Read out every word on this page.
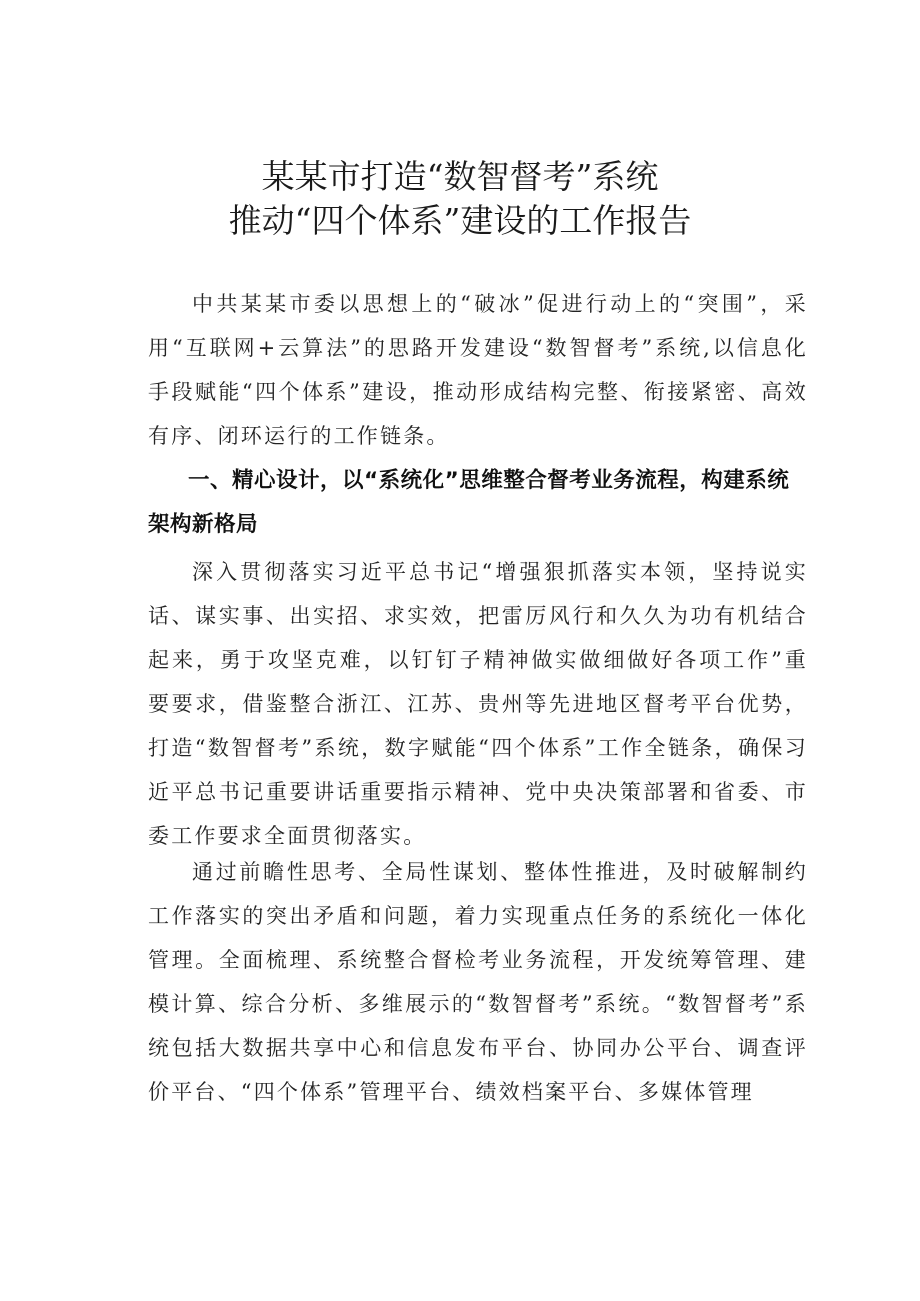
某某市打造“数智督考”系统
推动“四个体系”建设的工作报告
中共某某市委以思想上的“破冰”促进行动上的“突围”，采用“互联网+云算法”的思路开发建设“数智督考”系统,以信息化手段赋能“四个体系”建设，推动形成结构完整、衔接紧密、高效有序、闭环运行的工作链条。
一、精心设计，以“系统化”思维整合督考业务流程，构建系统架构新格局
深入贯彻落实习近平总书记“增强狠抓落实本领，坚持说实话、谋实事、出实招、求实效，把雷厉风行和久久为功有机结合起来，勇于攻坚克难，以钉钉子精神做实做细做好各项工作”重要要求，借鉴整合浙江、江苏、贵州等先进地区督考平台优势，打造“数智督考”系统，数字赋能“四个体系”工作全链条，确保习近平总书记重要讲话重要指示精神、党中央决策部署和省委、市委工作要求全面贯彻落实。
通过前瞻性思考、全局性谋划、整体性推进，及时破解制约工作落实的突出矛盾和问题，着力实现重点任务的系统化一体化管理。全面梳理、系统整合督检考业务流程，开发统筹管理、建模计算、综合分析、多维展示的“数智督考”系统。“数智督考”系统包括大数据共享中心和信息发布平台、协同办公平台、调查评价平台、“四个体系”管理平台、绩效档案平台、多媒体管理
